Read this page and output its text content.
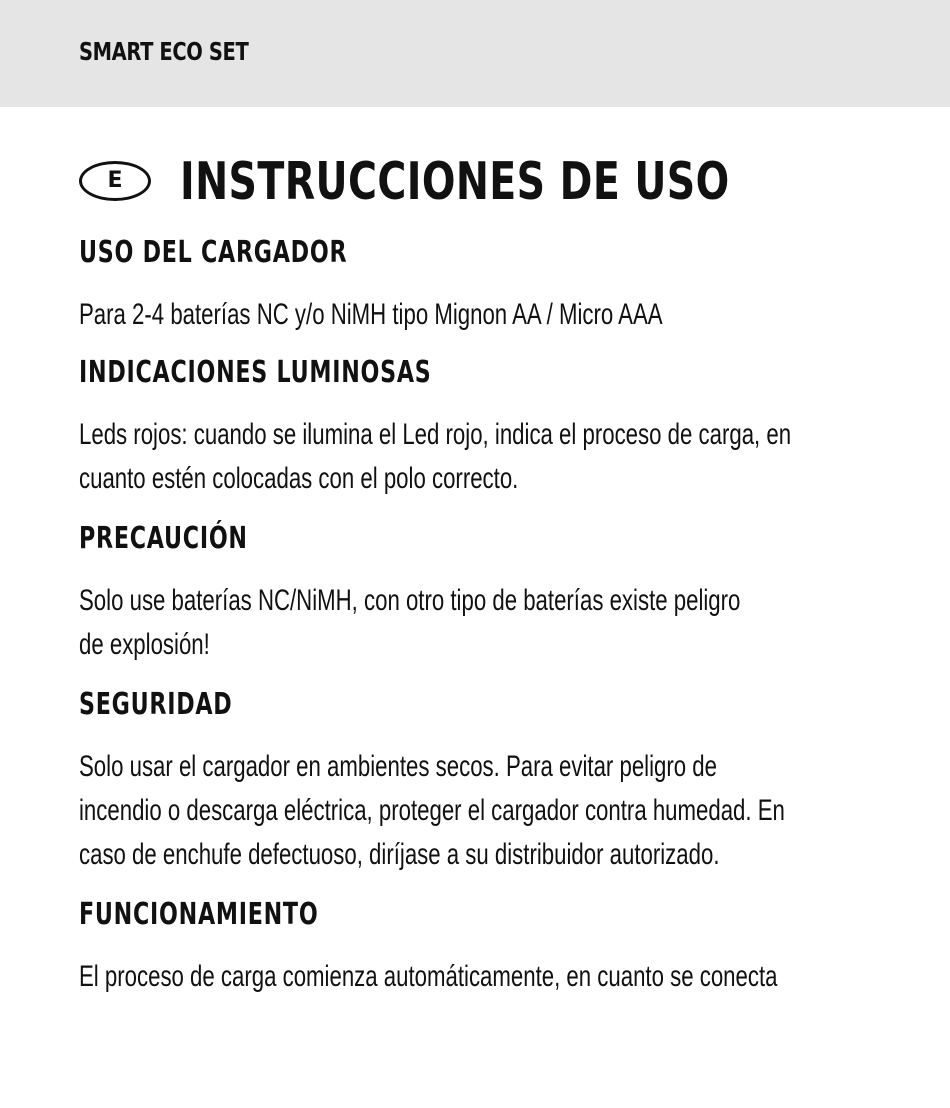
SMART ECO SET
E	INSTRUCCIONES DE USO
USO DEL CARGADOR
Para 2-4 baterías NC y/o NiMH tipo Mignon AA / Micro AAA
INDICACIONES LUMINOSAS
Leds rojos: cuando se ilumina el Led rojo, indica el proceso de carga, en
cuanto estén colocadas con el polo correcto.
PRECAUCIÓN
Solo use baterías NC/NiMH, con otro tipo de baterías existe peligro
de explosión!
SEGURIDAD
Solo usar el cargador en ambientes secos. Para evitar peligro de
incendio o descarga eléctrica, proteger el cargador contra humedad. En
caso de enchufe defectuoso, diríjase a su distribuidor autorizado.
FUNCIONAMIENTO
El proceso de carga comienza automáticamente, en cuanto se conecta
